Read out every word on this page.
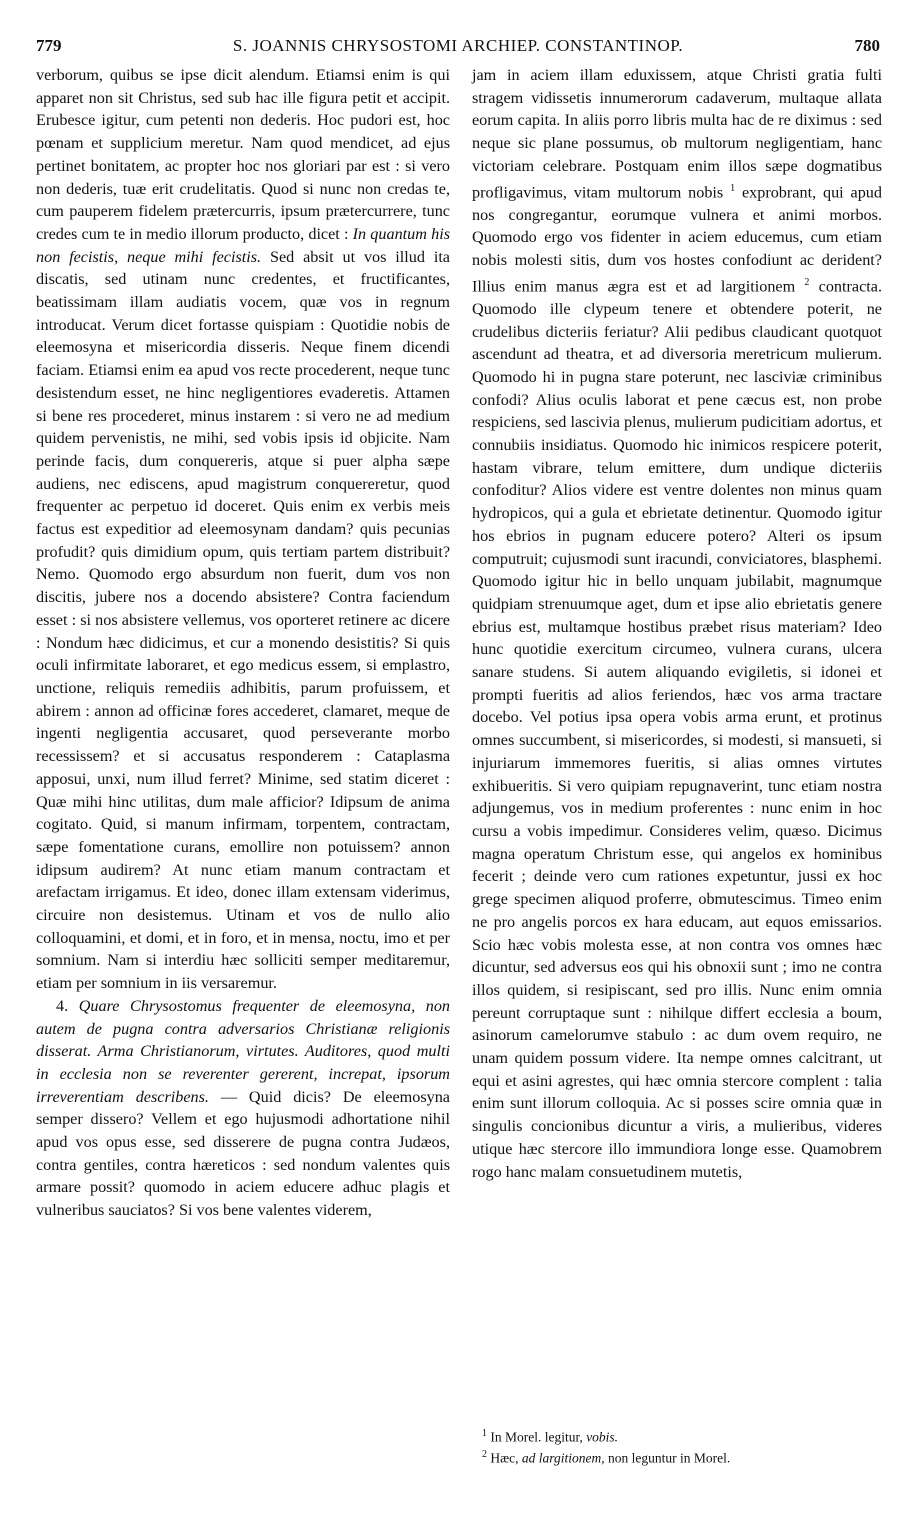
779	S. JOANNIS CHRYSOSTOMI ARCHIEP. CONSTANTINOP.	780

verborum, quibus se ipse dicit alendum. Etiamsi enim is qui apparet non sit Christus, sed sub hac ille figura petit et accipit. Erubesce igitur, cum petenti non dederis. Hoc pudori est, hoc pœnam et supplicium meretur. Nam quod mendicet, ad ejus pertinet bonitatem, ac propter hoc nos gloriari par est : si vero non dederis, tuæ erit crudelitatis. Quod si nunc non credas te, cum pauperem fidelem prætercurris, ipsum prætercurrere, tunc credes cum te in medio illorum producto, dicet : In quantum his non fecistis, neque mihi fecistis. Sed absit ut vos illud ita discatis, sed utinam nunc credentes, et fructificantes, beatissimam illam audiatis vocem, quæ vos in regnum introducat. Verum dicet fortasse quispiam : Quotidie nobis de eleemosyna et misericordia disseris. Neque finem dicendi faciam. Etiamsi enim ea apud vos recte procederent, neque tunc desistendum esset, ne hinc negligentiores evaderetis. Attamen si bene res procederet, minus instarem : si vero ne ad medium quidem pervenistis, ne mihi, sed vobis ipsis id objicite. Nam perinde facis, dum conquereris, atque si puer alpha sæpe audiens, nec ediscens, apud magistrum conquereretur, quod frequenter ac perpetuo id doceret. Quis enim ex verbis meis factus est expeditior ad eleemosynam dandam? quis pecunias profudit? quis dimidium opum, quis tertiam partem distribuit? Nemo. Quomodo ergo absurdum non fuerit, dum vos non discitis, jubere nos a docendo absistere? Contra faciendum esset : si nos absistere vellemus, vos oporteret retinere ac dicere : Nondum hæc didicimus, et cur a monendo desistitis? Si quis oculi infirmitate laboraret, et ego medicus essem, si emplastro, unctione, reliquis remediis adhibitis, parum profuissem, et abirem : annon ad officinæ fores accederet, clamaret, meque de ingenti negligentia accusaret, quod perseverante morbo recessissem? et si accusatus responderem : Cataplasma apposui, unxi, num illud ferret? Minime, sed statim diceret : Quæ mihi hinc utilitas, dum male afficior? Idipsum de anima cogitato. Quid, si manum infirmam, torpentem, contractam, sæpe fomentatione curans, emollire non potuissem? annon idipsum audirem? At nunc etiam manum contractam et arefactam irrigamus. Et ideo, donec illam extensam viderimus, circuire non desistemus. Utinam et vos de nullo alio colloquamini, et domi, et in foro, et in mensa, noctu, imo et per somnium. Nam si interdiu hæc solliciti semper meditaremur, etiam per somnium in iis versaremur.

4. Quare Chrysostomus frequenter de eleemosyna, non autem de pugna contra adversarios Christianæ religionis disserat. Arma Christianorum, virtutes. Auditores, quod multi in ecclesia non se reverenter gererent, increpat, ipsorum irreverentiam describens. — Quid dicis? De eleemosyna semper dissero? Vellem et ego hujusmodi adhortatione nihil apud vos opus esse, sed disserere de pugna contra Judæos, contra gentiles, contra hæreticos : sed nondum valentes quis armare possit? quomodo in aciem educere adhuc plagis et vulneribus sauciatos? Si vos bene valentes viderem,

jam in aciem illam eduxissem, atque Christi gratia fulti stragem vidissetis innumerorum cadaverum, multaque allata eorum capita. In aliis porro libris multa hac de re diximus : sed neque sic plane possumus, ob multorum negligentiam, hanc victoriam celebrare. Postquam enim illos sæpe dogmatibus profligavimus, vitam multorum nobis $^1$ exprobrant, qui apud nos congregantur, eorumque vulnera et animi morbos. Quomodo ergo vos fidenter in aciem educemus, cum etiam nobis molesti sitis, dum vos hostes confodiunt ac derident? Illius enim manus ægra est et ad largitionem $^2$ contracta. Quomodo ille clypeum tenere et obtendere poterit, ne crudelibus dicteriis feriatur? Alii pedibus claudicant quotquot ascendunt ad theatra, et ad diversoria meretricum mulierum. Quomodo hi in pugna stare poterunt, nec lasciviæ criminibus confodi? Alius oculis laborat et pene cæcus est, non probe respiciens, sed lascivia plenus, mulierum pudicitiam adortus, et connubiis insidiatus. Quomodo hic inimicos respicere poterit, hastam vibrare, telum emittere, dum undique dicteriis confoditur? Alios videre est ventre dolentes non minus quam hydropicos, qui a gula et ebrietate detinentur. Quomodo igitur hos ebrios in pugnam educere potero? Alteri os ipsum computruit; cujusmodi sunt iracundi, conviciatores, blasphemi. Quomodo igitur hic in bello unquam jubilabit, magnumque quidpiam strenuumque aget, dum et ipse alio ebrietatis genere ebrius est, multamque hostibus præbet risus materiam? Ideo hunc quotidie exercitum circumeo, vulnera curans, ulcera sanare studens. Si autem aliquando evigiletis, si idonei et prompti fueritis ad alios feriendos, hæc vos arma tractare docebo. Vel potius ipsa opera vobis arma erunt, et protinus omnes succumbent, si misericordes, si modesti, si mansueti, si injuriarum immemores fueritis, si alias omnes virtutes exhibueritis. Si vero quipiam repugnaverint, tunc etiam nostra adjungemus, vos in medium proferentes : nunc enim in hoc cursu a vobis impedimur. Consideres velim, quæso. Dicimus magna operatum Christum esse, qui angelos ex hominibus fecerit ; deinde vero cum rationes expetuntur, jussi ex hoc grege specimen aliquod proferre, obmutescimus. Timeo enim ne pro angelis porcos ex hara educam, aut equos emissarios. Scio hæc vobis molesta esse, at non contra vos omnes hæc dicuntur, sed adversus eos qui his obnoxii sunt ; imo ne contra illos quidem, si resipiscant, sed pro illis. Nunc enim omnia pereunt corruptaque sunt : nihilque differt ecclesia a boum, asinorum camelorumve stabulo : ac dum ovem requiro, ne unam quidem possum videre. Ita nempe omnes calcitrant, ut equi et asini agrestes, qui hæc omnia stercore complent : talia enim sunt illorum colloquia. Ac si posses scire omnia quæ in singulis concionibus dicuntur a viris, a mulieribus, videres utique hæc stercore illo immundiora longe esse. Quamobrem rogo hanc malam consuetudinem mutetis,

$^1$ In Morel. legitur, vobis.

$^2$ Hæc, ad largitionem, non leguntur in Morel.
